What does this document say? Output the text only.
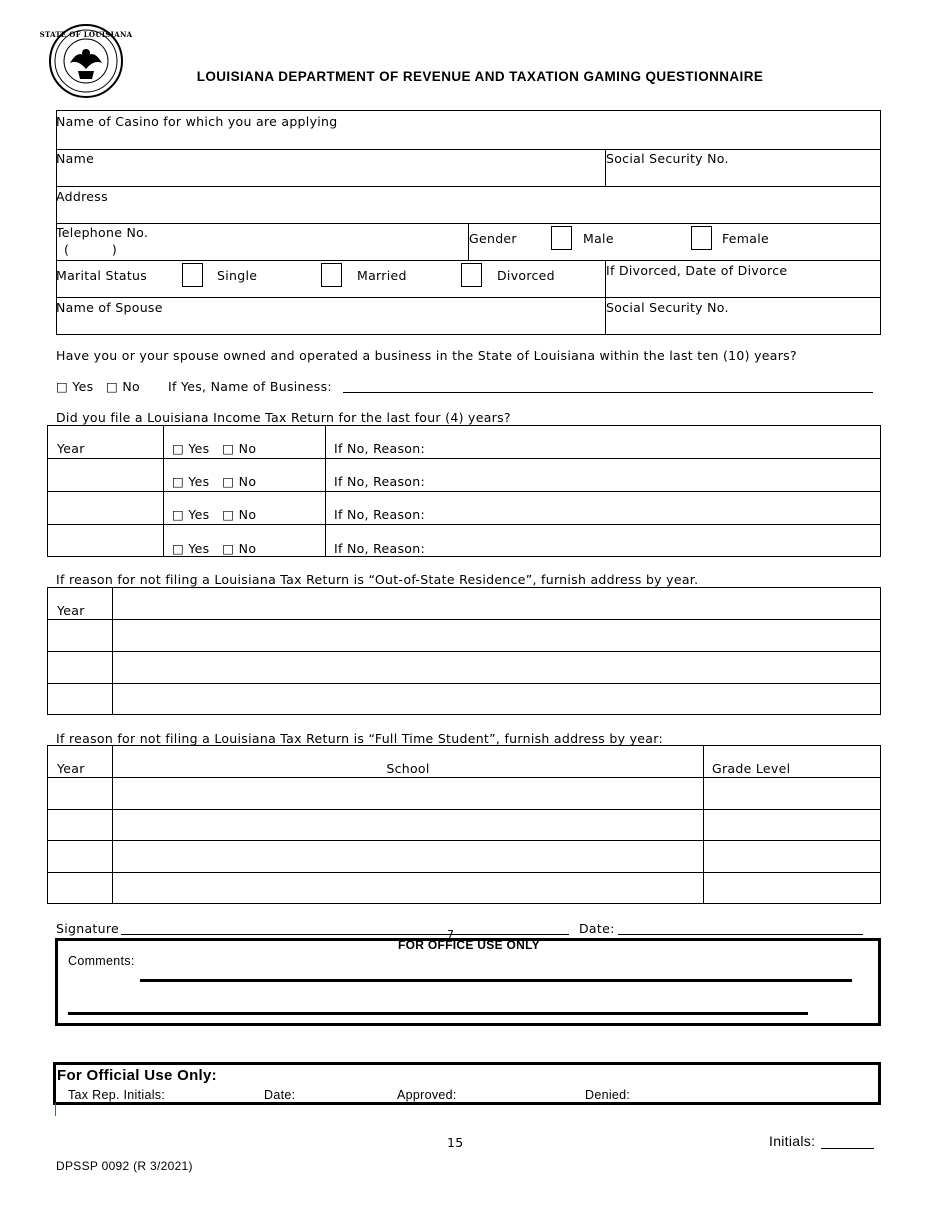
STATE OF LOUISIANA
LOUISIANA DEPARTMENT OF REVENUE AND TAXATION GAMING QUESTIONNAIRE
Name of Casino for which you are applying
Name	Social Security No.
Address
Telephone No.
(          )
Gender	Male	Female
Marital Status	Single	Married	Divorced	If Divorced, Date of Divorce
Name of Spouse	Social Security No.
Have you or your spouse owned and operated a business in the State of Louisiana within the last ten (10) years?
□ Yes □ No If Yes, Name of Business:
Did you file a Louisiana Income Tax Return for the last four (4) years?
Year	□ Yes □ No	If No, Reason:
	□ Yes □ No	If No, Reason:
	□ Yes □ No	If No, Reason:
	□ Yes □ No	If No, Reason:
If reason for not filing a Louisiana Tax Return is “Out-of-State Residence”, furnish address by year.
Year	

If reason for not filing a Louisiana Tax Return is “Full Time Student”, furnish address by year:
Year	School	Grade Level

Signature	7	Date:
FOR OFFICE USE ONLY
Comments:
For Official Use Only:
Tax Rep. Initials:	Date:	Approved:	Denied:
15	Initials:
DPSSP 0092 (R 3/2021)
